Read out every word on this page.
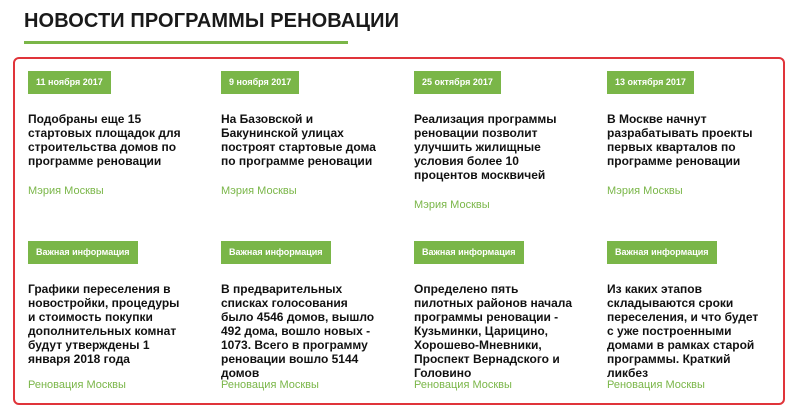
НОВОСТИ ПРОГРАММЫ РЕНОВАЦИИ
11 ноября 2017
Подобраны еще 15 стартовых площадок для строительства домов по программе реновации
Мэрия Москвы
9 ноября 2017
На Базовской и Бакунинской улицах построят стартовые дома по программе реновации
Мэрия Москвы
25 октября 2017
Реализация программы реновации позволит улучшить жилищные условия более 10 процентов москвичей
Мэрия Москвы
13 октября 2017
В Москве начнут разрабатывать проекты первых кварталов по программе реновации
Мэрия Москвы
Важная информация
Графики переселения в новостройки, процедуры и стоимость покупки дополнительных комнат будут утверждены 1 января 2018 года
Реновация Москвы
Важная информация
В предварительных списках голосования было 4546 домов, вышло 492 дома, вошло новых - 1073. Всего в программу реновации вошло 5144 домов
Реновация Москвы
Важная информация
Определено пять пилотных районов начала программы реновации - Кузьминки, Царицино, Хорошево-Мневники, Проспект Вернадского и Головино
Реновация Москвы
Важная информация
Из каких этапов складываются сроки переселения, и что будет с уже построенными домами в рамках старой программы. Краткий ликбез
Реновация Москвы
